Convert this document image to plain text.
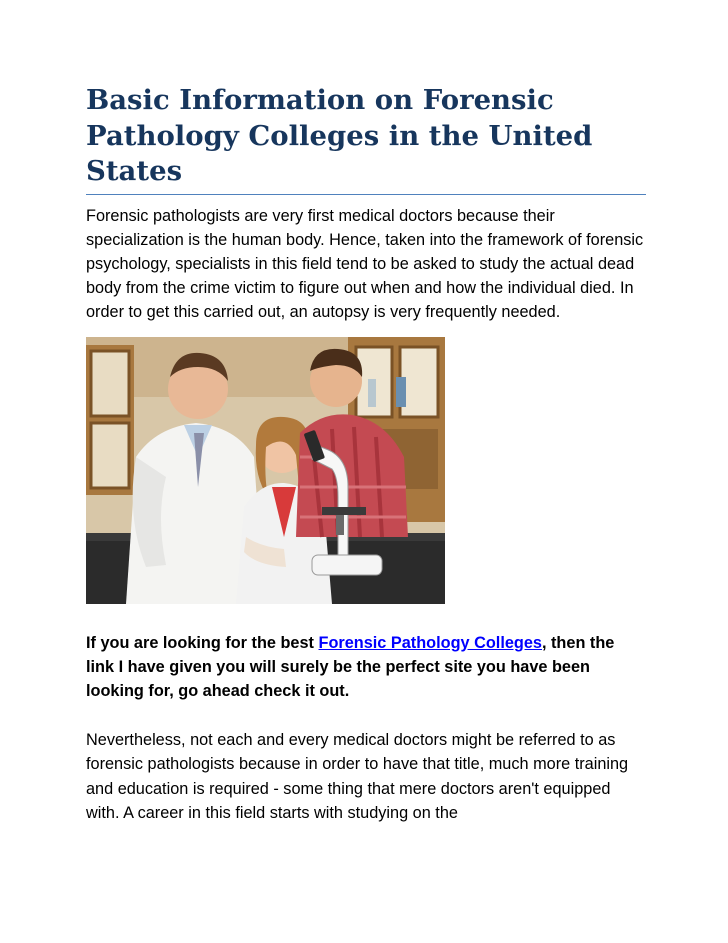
Basic Information on Forensic Pathology Colleges in the United States

Forensic pathologists are very first medical doctors because their specialization is the human body. Hence, taken into the framework of forensic psychology, specialists in this field tend to be asked to study the actual dead body from the crime victim to figure out when and how the individual died. In order to get this carried out, an autopsy is very frequently needed.

If you are looking for the best Forensic Pathology Colleges, then the link I have given you will surely be the perfect site you have been looking for, go ahead check it out.

Nevertheless, not each and every medical doctors might be referred to as forensic pathologists because in order to have that title, much more training and education is required - some thing that mere doctors aren't equipped with. A career in this field starts with studying on the
